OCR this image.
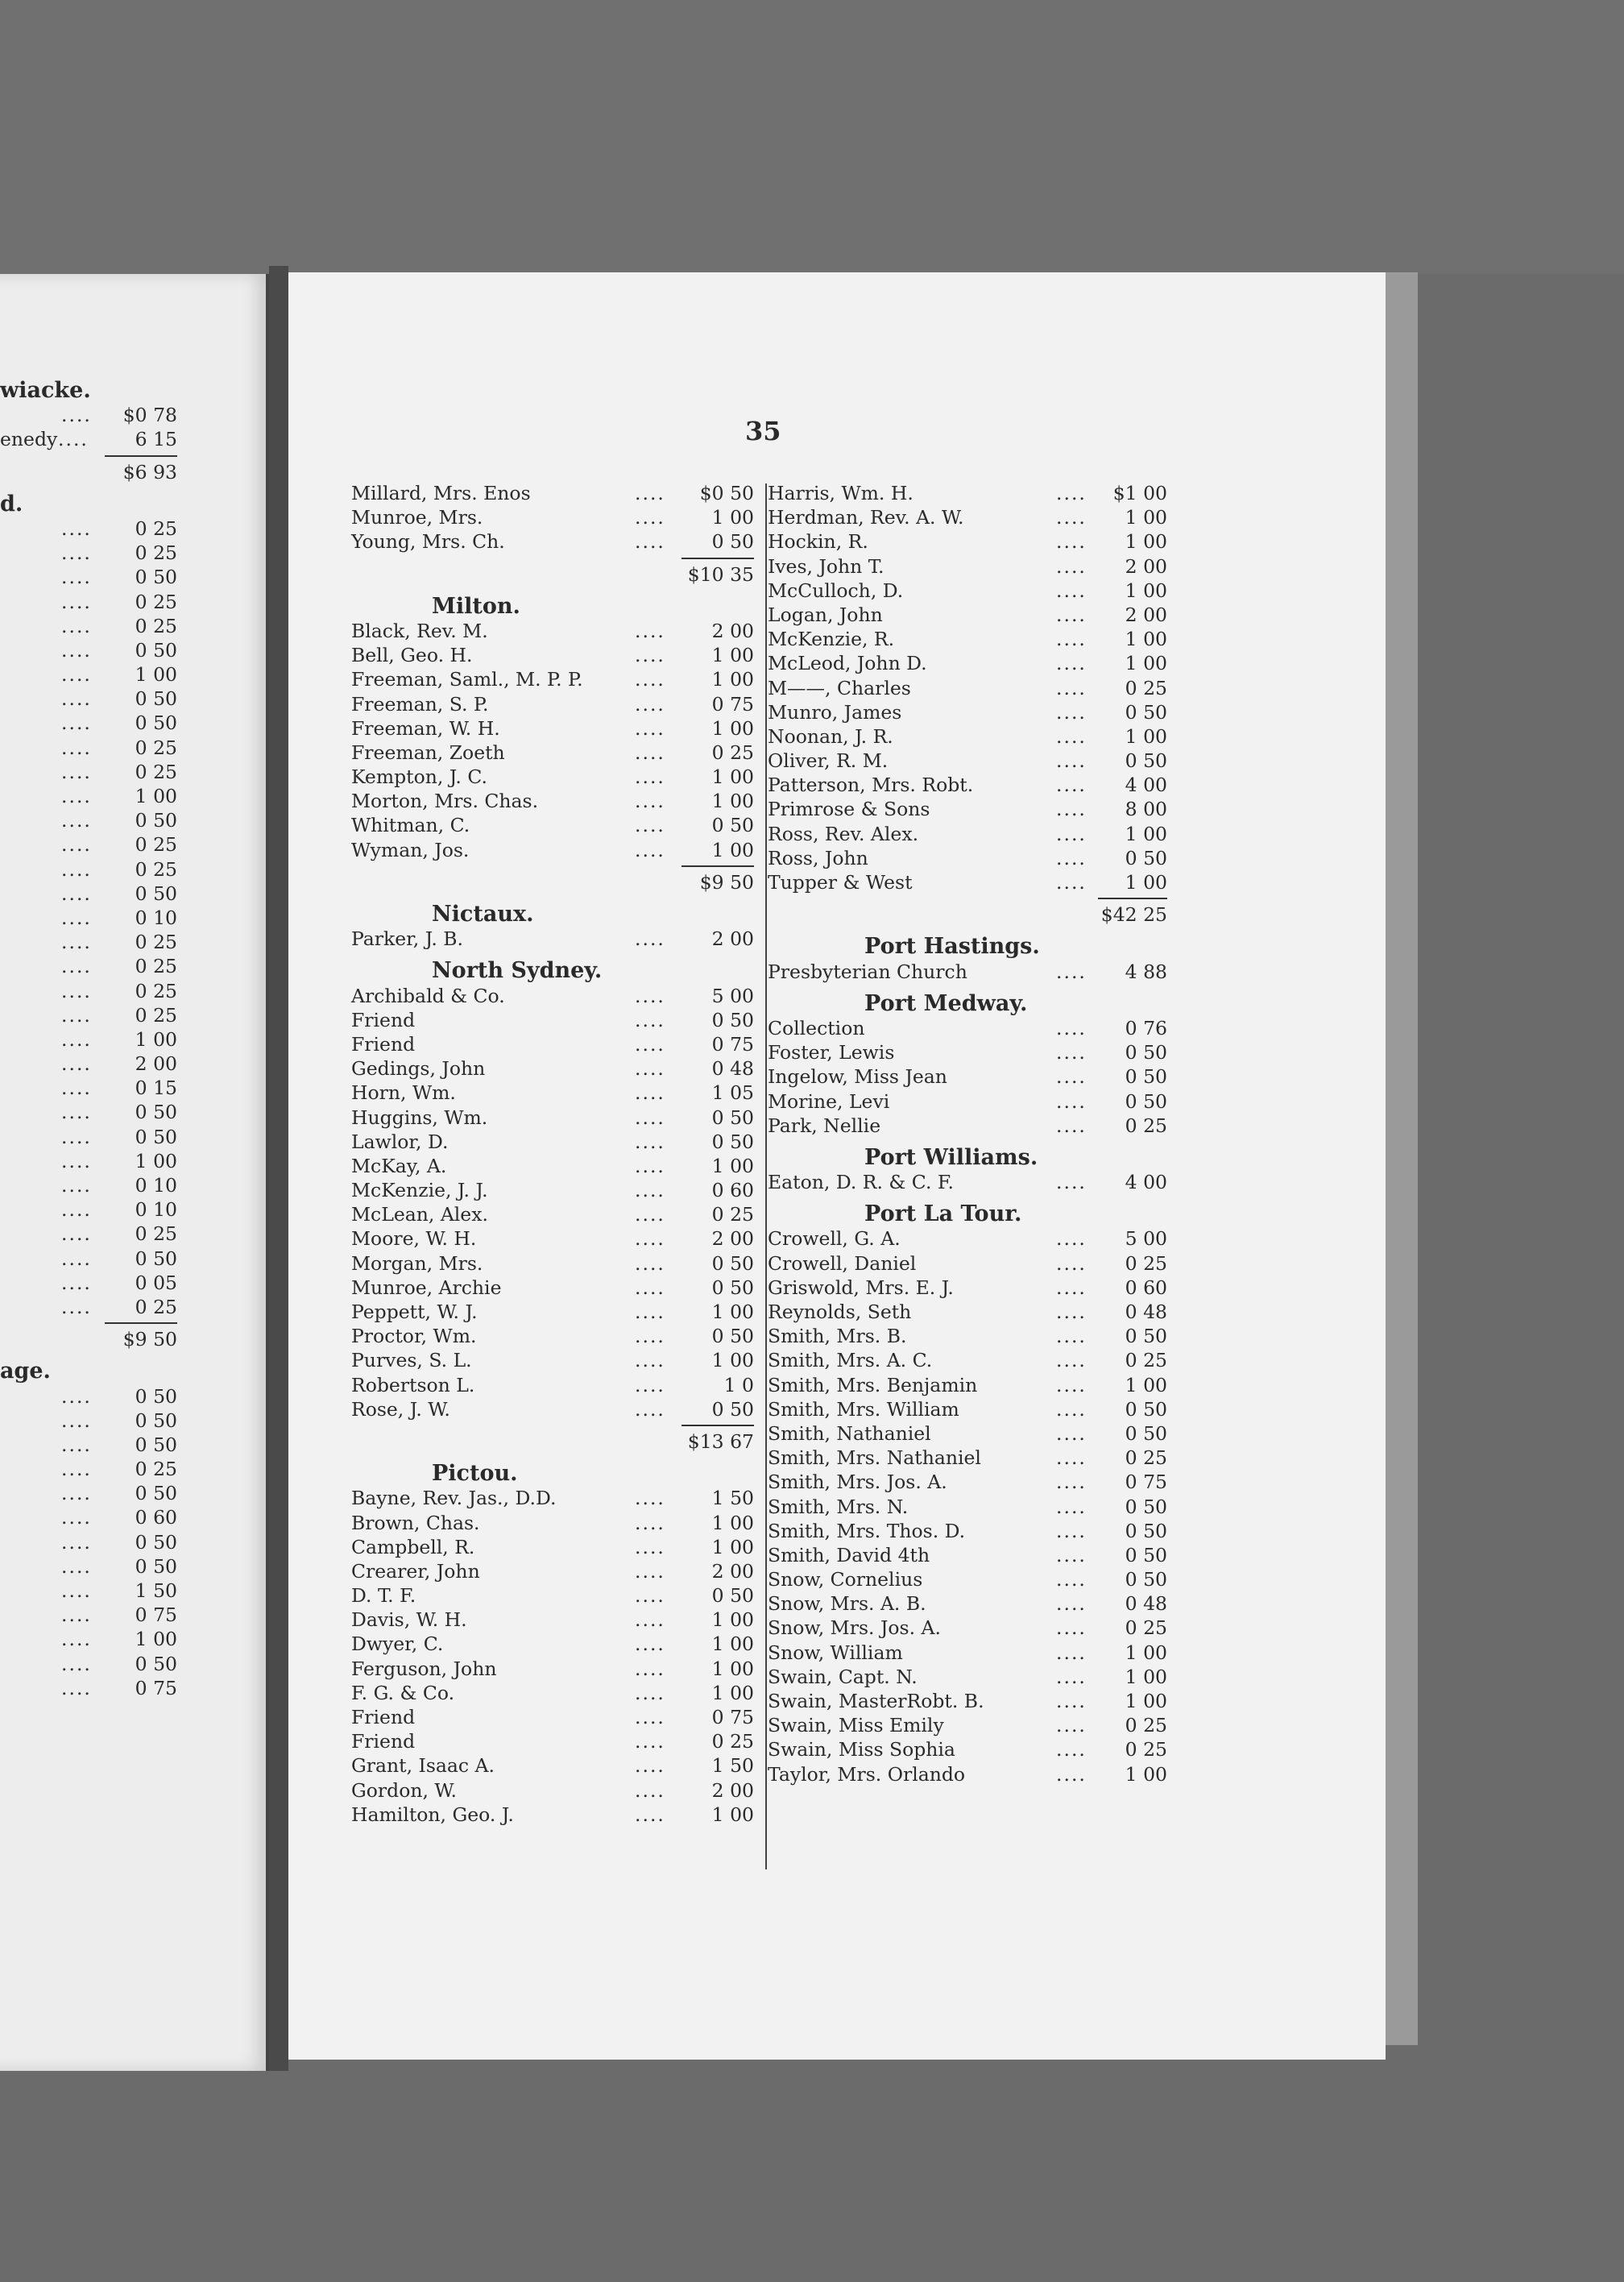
wiacke.
....	$0 78
enedy ....	6 15
$6 93
d.
....	0 25
....	0 25
....	0 50
....	0 25
....	0 25
....	0 50
....	1 00
....	0 50
....	0 50
....	0 25
....	0 25
....	1 00
....	0 50
....	0 25
....	0 25
....	0 50
....	0 10
....	0 25
....	0 25
....	0 25
....	0 25
....	1 00
....	2 00
....	0 15
....	0 50
....	0 50
....	1 00
....	0 10
....	0 10
....	0 25
....	0 50
....	0 05
....	0 25
$9 50
age.
....	0 50
....	0 50
....	0 50
....	0 25
....	0 50
....	0 60
....	0 50
....	0 50
....	1 50
....	0 75
....	1 00
....	0 50
....	0 75
35
Millard, Mrs. Enos	....	$0 50
Munroe, Mrs.	....	1 00
Young, Mrs. Ch.	....	0 50
$10 35
Milton.
Black, Rev. M.	....	2 00
Bell, Geo. H.	....	1 00
Freeman, Saml., M. P. P.	....	1 00
Freeman, S. P.	....	0 75
Freeman, W. H.	....	1 00
Freeman, Zoeth	....	0 25
Kempton, J. C.	....	1 00
Morton, Mrs. Chas.	....	1 00
Whitman, C.	....	0 50
Wyman, Jos.	....	1 00
$9 50
Nictaux.
Parker, J. B.	....	2 00
North Sydney.
Archibald & Co.	....	5 00
Friend	....	0 50
Friend	....	0 75
Gedings, John	....	0 48
Horn, Wm.	....	1 05
Huggins, Wm.	....	0 50
Lawlor, D.	....	0 50
McKay, A.	....	1 00
McKenzie, J. J.	....	0 60
McLean, Alex.	....	0 25
Moore, W. H.	....	2 00
Morgan, Mrs.	....	0 50
Munroe, Archie	....	0 50
Peppett, W. J.	....	1 00
Proctor, Wm.	....	0 50
Purves, S. L.	....	1 00
Robertson L.	....	1 0
Rose, J. W.	....	0 50
$13 67
Pictou.
Bayne, Rev. Jas., D.D.	....	1 50
Brown, Chas.	....	1 00
Campbell, R.	....	1 00
Crearer, John	....	2 00
D. T. F.	....	0 50
Davis, W. H.	....	1 00
Dwyer, C.	....	1 00
Ferguson, John	....	1 00
F. G. & Co.	....	1 00
Friend	....	0 75
Friend	....	0 25
Grant, Isaac A.	....	1 50
Gordon, W.	....	2 00
Hamilton, Geo. J.	....	1 00
Harris, Wm. H.	....	$1 00
Herdman, Rev. A. W.	....	1 00
Hockin, R.	....	1 00
Ives, John T.	....	2 00
McCulloch, D.	....	1 00
Logan, John	....	2 00
McKenzie, R.	....	1 00
McLeod, John D.	....	1 00
M——, Charles	....	0 25
Munro, James	....	0 50
Noonan, J. R.	....	1 00
Oliver, R. M.	....	0 50
Patterson, Mrs. Robt.	....	4 00
Primrose & Sons	....	8 00
Ross, Rev. Alex.	....	1 00
Ross, John	....	0 50
Tupper & West	....	1 00
$42 25
Port Hastings.
Presbyterian Church	....	4 88
Port Medway.
Collection	....	0 76
Foster, Lewis	....	0 50
Ingelow, Miss Jean	....	0 50
Morine, Levi	....	0 50
Park, Nellie	....	0 25
Port Williams.
Eaton, D. R. & C. F.	....	4 00
Port La Tour.
Crowell, G. A.	....	5 00
Crowell, Daniel	....	0 25
Griswold, Mrs. E. J.	....	0 60
Reynolds, Seth	....	0 48
Smith, Mrs. B.	....	0 50
Smith, Mrs. A. C.	....	0 25
Smith, Mrs. Benjamin	....	1 00
Smith, Mrs. William	....	0 50
Smith, Nathaniel	....	0 50
Smith, Mrs. Nathaniel	....	0 25
Smith, Mrs. Jos. A.	....	0 75
Smith, Mrs. N.	....	0 50
Smith, Mrs. Thos. D.	....	0 50
Smith, David 4th	....	0 50
Snow, Cornelius	....	0 50
Snow, Mrs. A. B.	....	0 48
Snow, Mrs. Jos. A.	....	0 25
Snow, William	....	1 00
Swain, Capt. N.	....	1 00
Swain, MasterRobt. B.	....	1 00
Swain, Miss Emily	....	0 25
Swain, Miss Sophia	....	0 25
Taylor, Mrs. Orlando	....	1 00
